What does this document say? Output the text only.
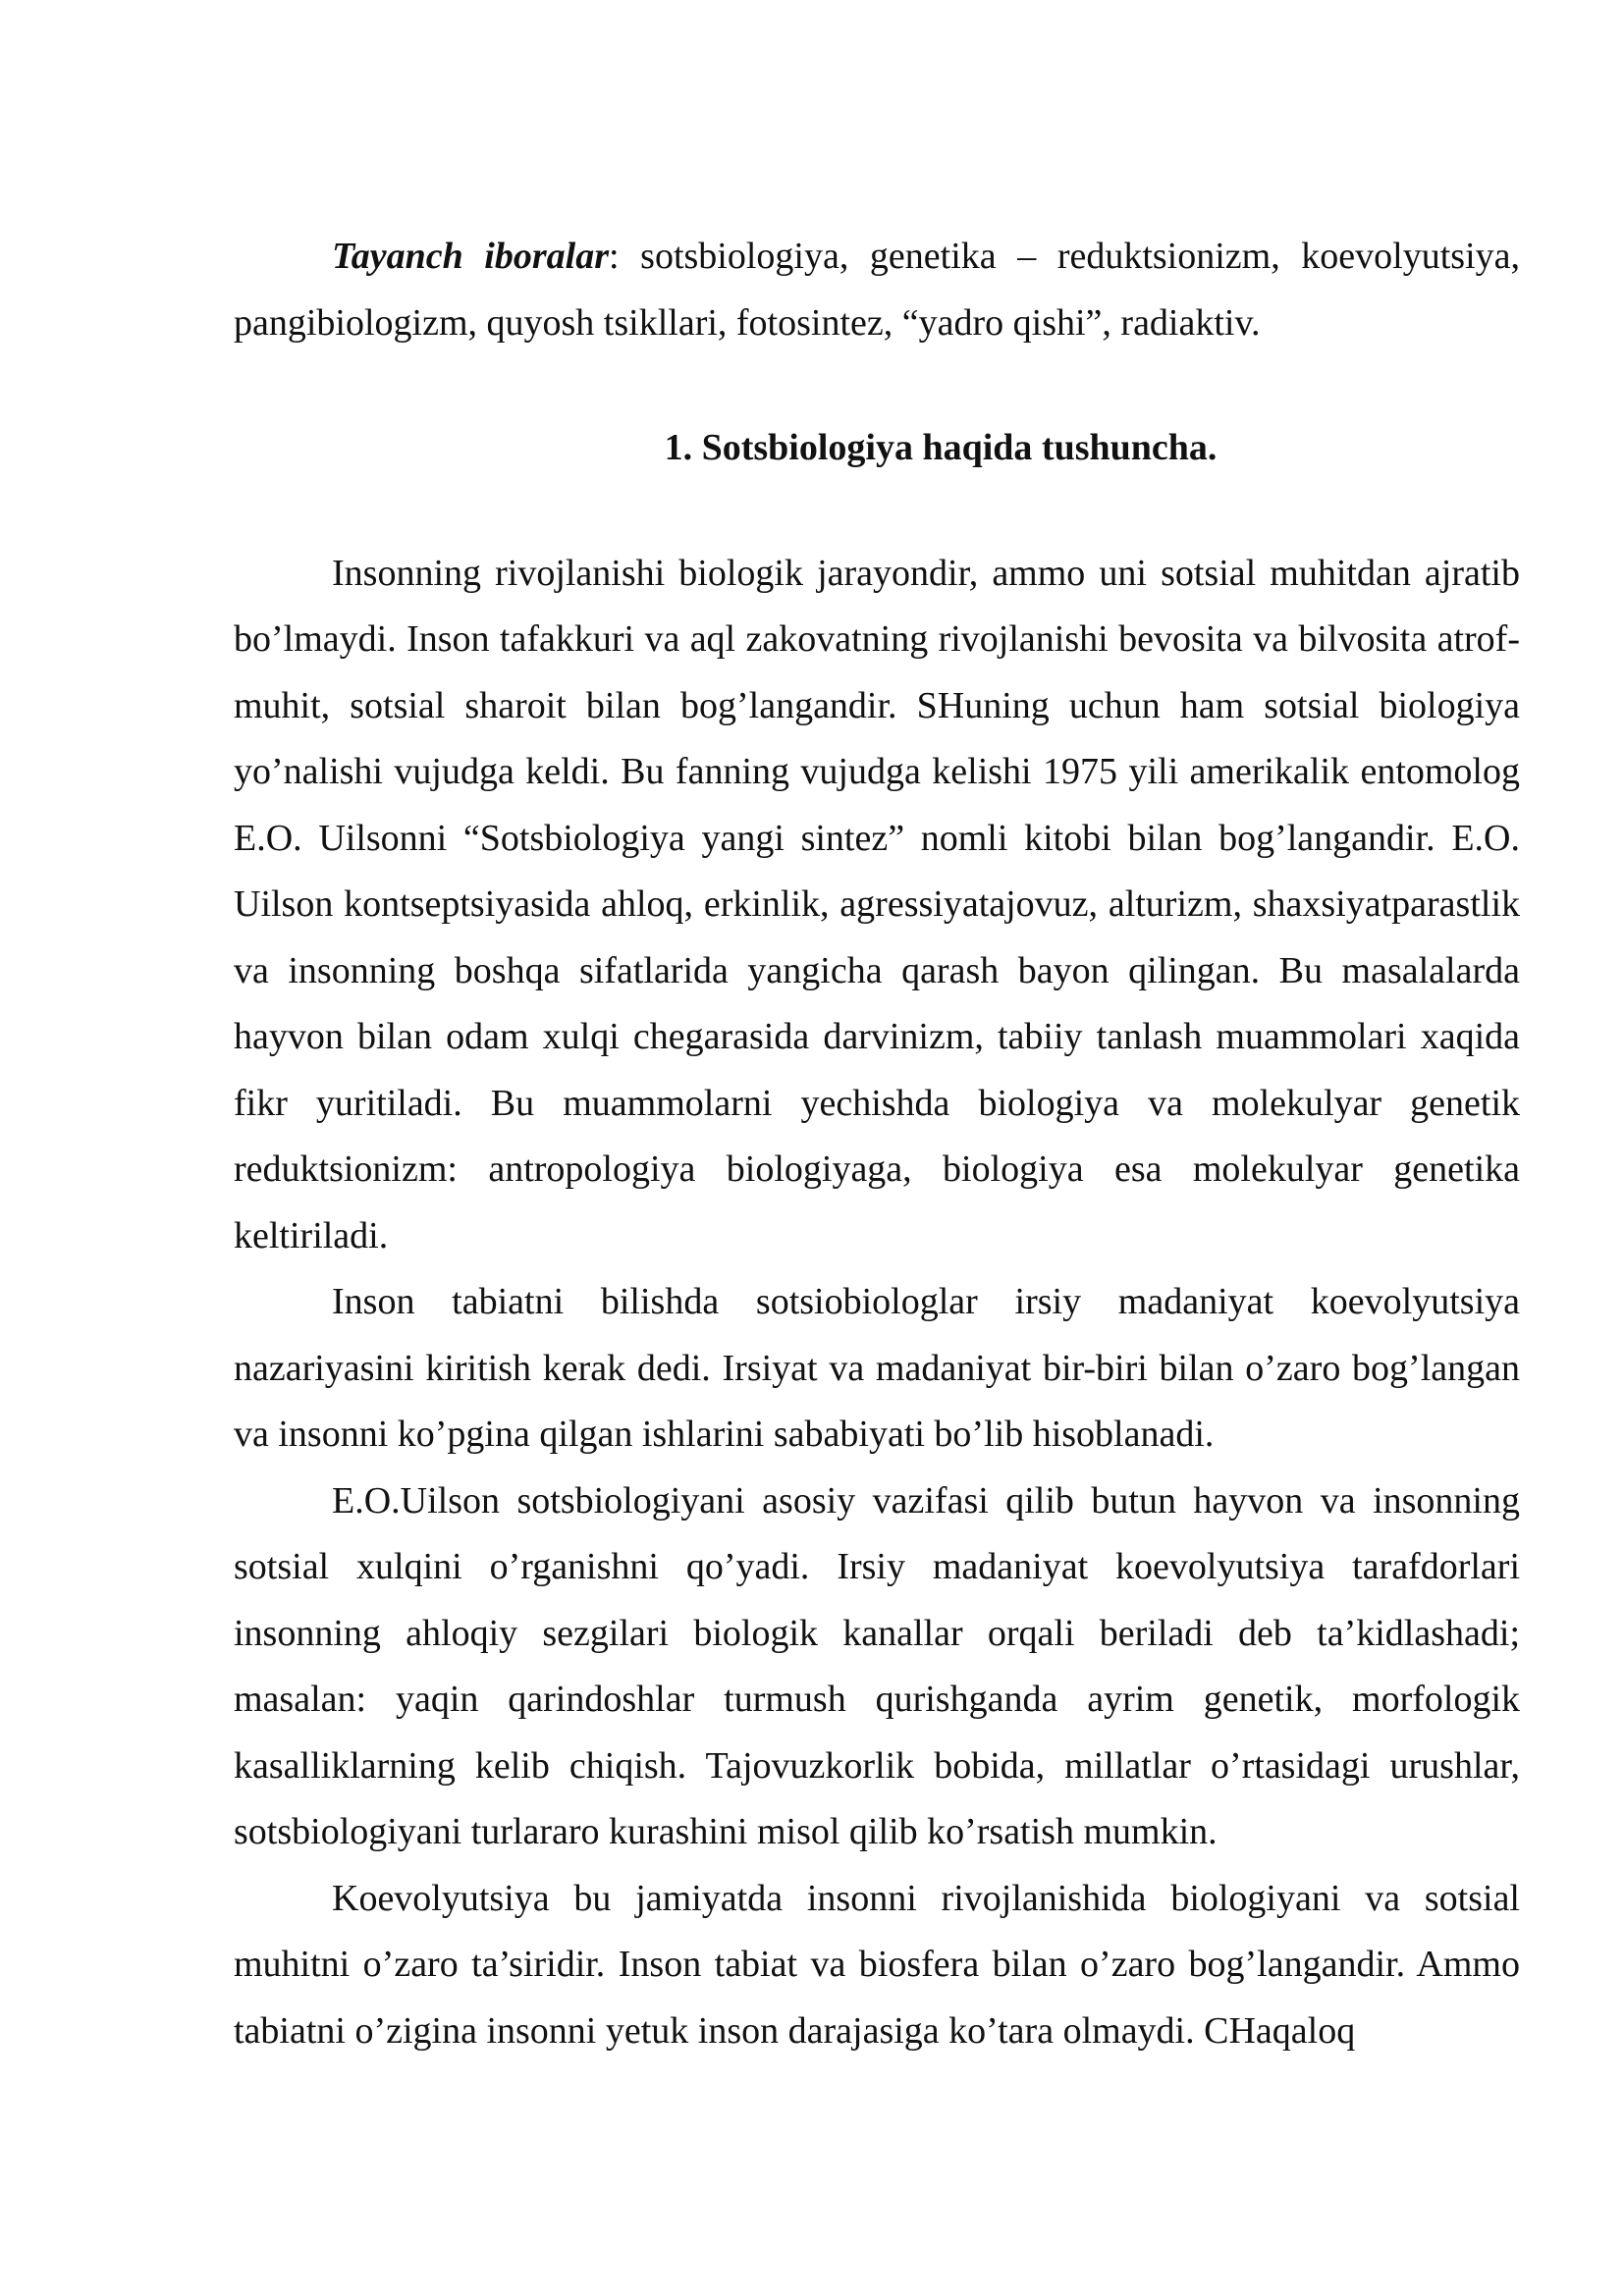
Tayanch iboralar: sotsbiologiya, genetika – reduktsionizm, koevolyutsiya, pangibiologizm, quyosh tsikllari, fotosintez, “yadro qishi”, radiaktiv.

1. Sotsbiologiya haqida tushuncha.

Insonning rivojlanishi biologik jarayondir, ammo uni sotsial muhitdan ajratib bo’lmaydi. Inson tafakkuri va aql zakovatning rivojlanishi bevosita va bilvosita atrof-muhit, sotsial sharoit bilan bog’langandir. SHuning uchun ham sotsial biologiya yo’nalishi vujudga keldi. Bu fanning vujudga kelishi 1975 yili amerikalik entomolog E.O. Uilsonni “Sotsbiologiya yangi sintez” nomli kitobi bilan bog’langandir. E.O. Uilson kontseptsiyasida ahloq, erkinlik, agressiyatajovuz, alturizm, shaxsiyatparastlik va insonning boshqa sifatlarida yangicha qarash bayon qilingan. Bu masalalarda hayvon bilan odam xulqi chegarasida darvinizm, tabiiy tanlash muammolari xaqida fikr yuritiladi. Bu muammolarni yechishda biologiya va molekulyar genetik reduktsionizm: antropologiya biologiyaga, biologiya esa molekulyar genetika keltiriladi.

Inson tabiatni bilishda sotsiobiologlar irsiy madaniyat koevolyutsiya nazariyasini kiritish kerak dedi. Irsiyat va madaniyat bir-biri bilan o’zaro bog’langan va insonni ko’pgina qilgan ishlarini sababiyati bo’lib hisoblanadi.

E.O.Uilson sotsbiologiyani asosiy vazifasi qilib butun hayvon va insonning sotsial xulqini o’rganishni qo’yadi. Irsiy madaniyat koevolyutsiya tarafdorlari insonning ahloqiy sezgilari biologik kanallar orqali beriladi deb ta’kidlashadi; masalan: yaqin qarindoshlar turmush qurishganda ayrim genetik, morfologik kasalliklarning kelib chiqish. Tajovuzkorlik bobida, millatlar o’rtasidagi urushlar, sotsbiologiyani turlararo kurashini misol qilib ko’rsatish mumkin.

Koevolyutsiya bu jamiyatda insonni rivojlanishida biologiyani va sotsial muhitni o’zaro ta’siridir. Inson tabiat va biosfera bilan o’zaro bog’langandir. Ammo tabiatni o’zigina insonni yetuk inson darajasiga ko’tara olmaydi. CHaqaloq
